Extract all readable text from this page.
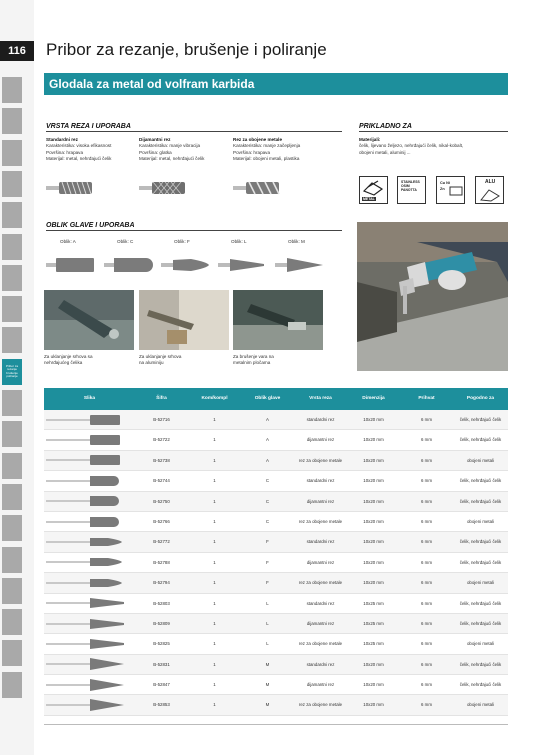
116
Pribor za rezanje brušenje poliranje
Pribor za rezanje, brušenje i poliranje
Glodala za metal od volfram karbida
VRSTA REZA I UPORABA
Standardni rez
Karakteristika: visoka efikasnost
Površina: hrapava
Materijal: metal, nehrđajući čelik
Dijamantni rez
Karakteristika: manje vibracija
Površina: glatka
Materijal: metal, nehrđajući čelik
Rez za obojene metale
Karakteristika: manje začepljenja
Površina: hrapava
Materijal: obojeni metali, plastika
PRIKLADNO ZA
Materijali:
čelik, lijevano željezo, nehrđajući čelik, nikal-kobalt,
obojeni metali, aluminij ...
METAL
STAINLESS OSIM PANOTTA
Cu Ni Zn
ALU
OBLIK GLAVE I UPORABA
Oblik: A	Oblik: C	Oblik: F	Oblik: L	Oblik: M
Za uklanjanje srhova sa
nehrđajućeg čelika
Za uklanjanje srhova
na aluminiju
Za brušenje vara na
metalnim pločama
Slika	Šifra	Kom/kompl	Oblik glave	Vrsta reza	Dimenzija	Prihvat	Pogodno za
B-52716	1	A	standardni rez	10x20 mm	6 mm	čelik, nehrđajući čelik
B-52722	1	A	dijamantni rez	10x20 mm	6 mm	čelik, nehrđajući čelik
B-52738	1	A	rez za obojene metale	10x20 mm	6 mm	obojeni metali
B-52744	1	C	standardni rez	10x20 mm	6 mm	čelik, nehrđajući čelik
B-52750	1	C	dijamantni rez	10x20 mm	6 mm	čelik, nehrđajući čelik
B-52766	1	C	rez za obojene metale	10x20 mm	6 mm	obojeni metali
B-52772	1	F	standardni rez	10x20 mm	6 mm	čelik, nehrđajući čelik
B-52788	1	F	dijamantni rez	10x20 mm	6 mm	čelik, nehrđajući čelik
B-52794	1	F	rez za obojene metale	10x20 mm	6 mm	obojeni metali
B-52803	1	L	standardni rez	10x25 mm	6 mm	čelik, nehrđajući čelik
B-52809	1	L	dijamantni rez	10x25 mm	6 mm	čelik, nehrđajući čelik
B-52825	1	L	rez za obojene metale	10x25 mm	6 mm	obojeni metali
B-52831	1	M	standardni rez	10x20 mm	6 mm	čelik, nehrđajući čelik
B-52847	1	M	dijamantni rez	10x20 mm	6 mm	čelik, nehrđajući čelik
B-52853	1	M	rez za obojene metale	10x20 mm	6 mm	obojeni metali
